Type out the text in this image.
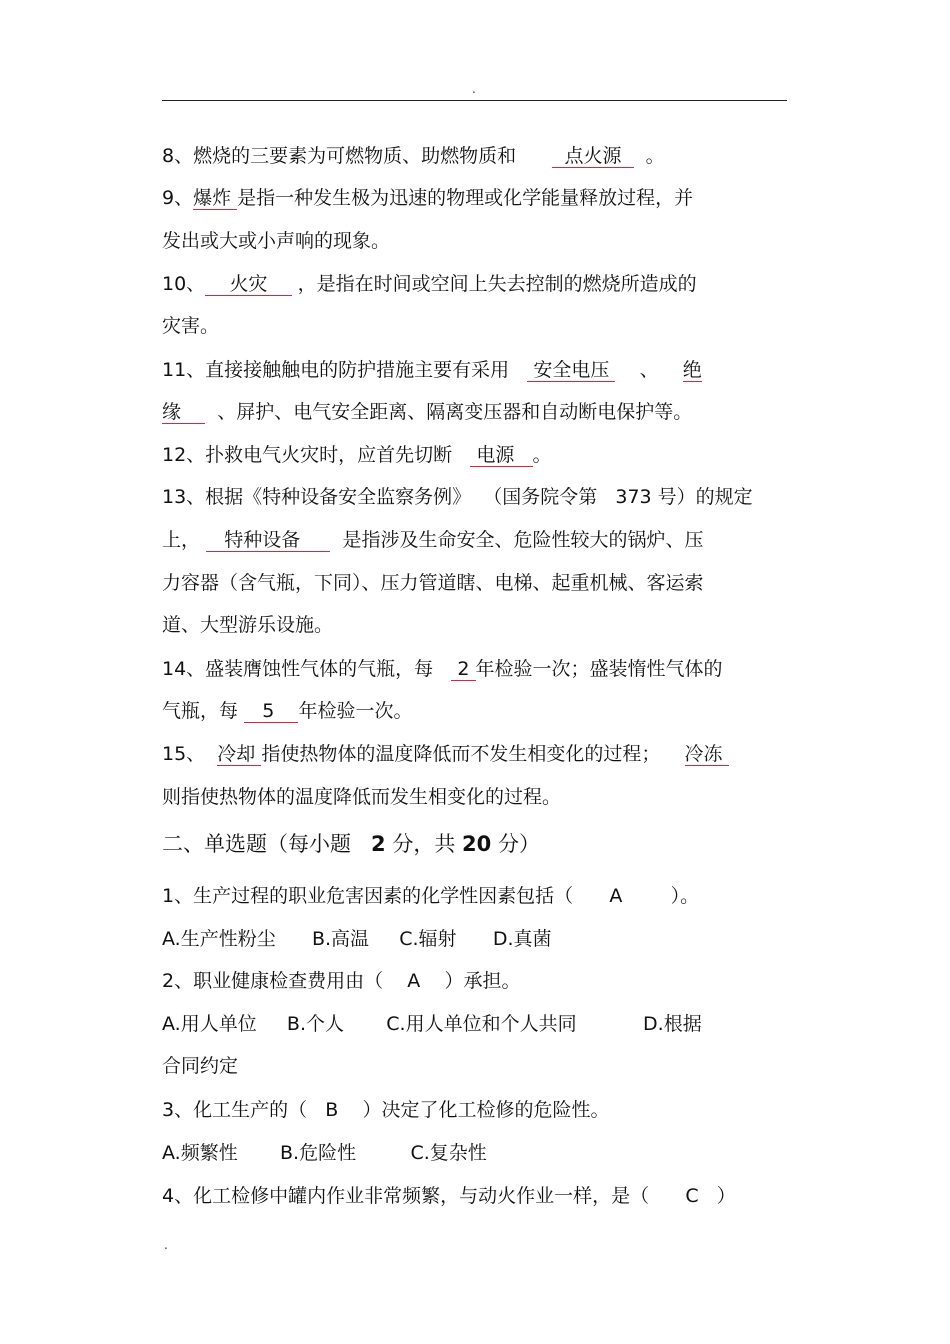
.
8、燃烧的三要素为可燃物质、助燃物质和	点火源 。
9、爆炸 是指一种发生极为迅速的物理或化学能量释放过程，并
发出或大或小声响的现象。
10、 火灾 ，是指在时间或空间上失去控制的燃烧所造成的
灾害。
11、直接接触触电的防护措施主要有采用 安全电压 、 绝
缘 、屏护、电气安全距离、隔离变压器和自动断电保护等。
12、扑救电气火灾时，应首先切断 电源 。
13、根据《特种设备安全监察务例》  （国务院令第   373 号）的规定
上， 特种设备 是指涉及生命安全、危险性较大的锅炉、压
力容器（含气瓶，下同）、压力管道瞎、电梯、起重机械、客运索
道、大型游乐设施。
14、盛装膺蚀性气体的气瓶，每 2 年检验一次；盛装惰性气体的
气瓶，每 5 年检验一次。
15、 冷却 指使热物体的温度降低而不发生相变化的过程； 冷冻
则指使热物体的温度降低而发生相变化的过程。
二、单选题（每小题 2 分，共 20 分）
1、生产过程的职业危害因素的化学性因素包括（ A	）。
A.生产性粉尘 B.高温 C.辐射 D.真菌
2、职业健康检查费用由（ A ）承担。
A.用人单位 B.个人 C.用人单位和个人共同	D.根据
合同约定
3、化工生产的（ B ）决定了化工检修的危险性。
A.频繁性 B.危险性	C.复杂性
4、化工检修中罐内作业非常频繁，与动火作业一样，是（ C ）
.
